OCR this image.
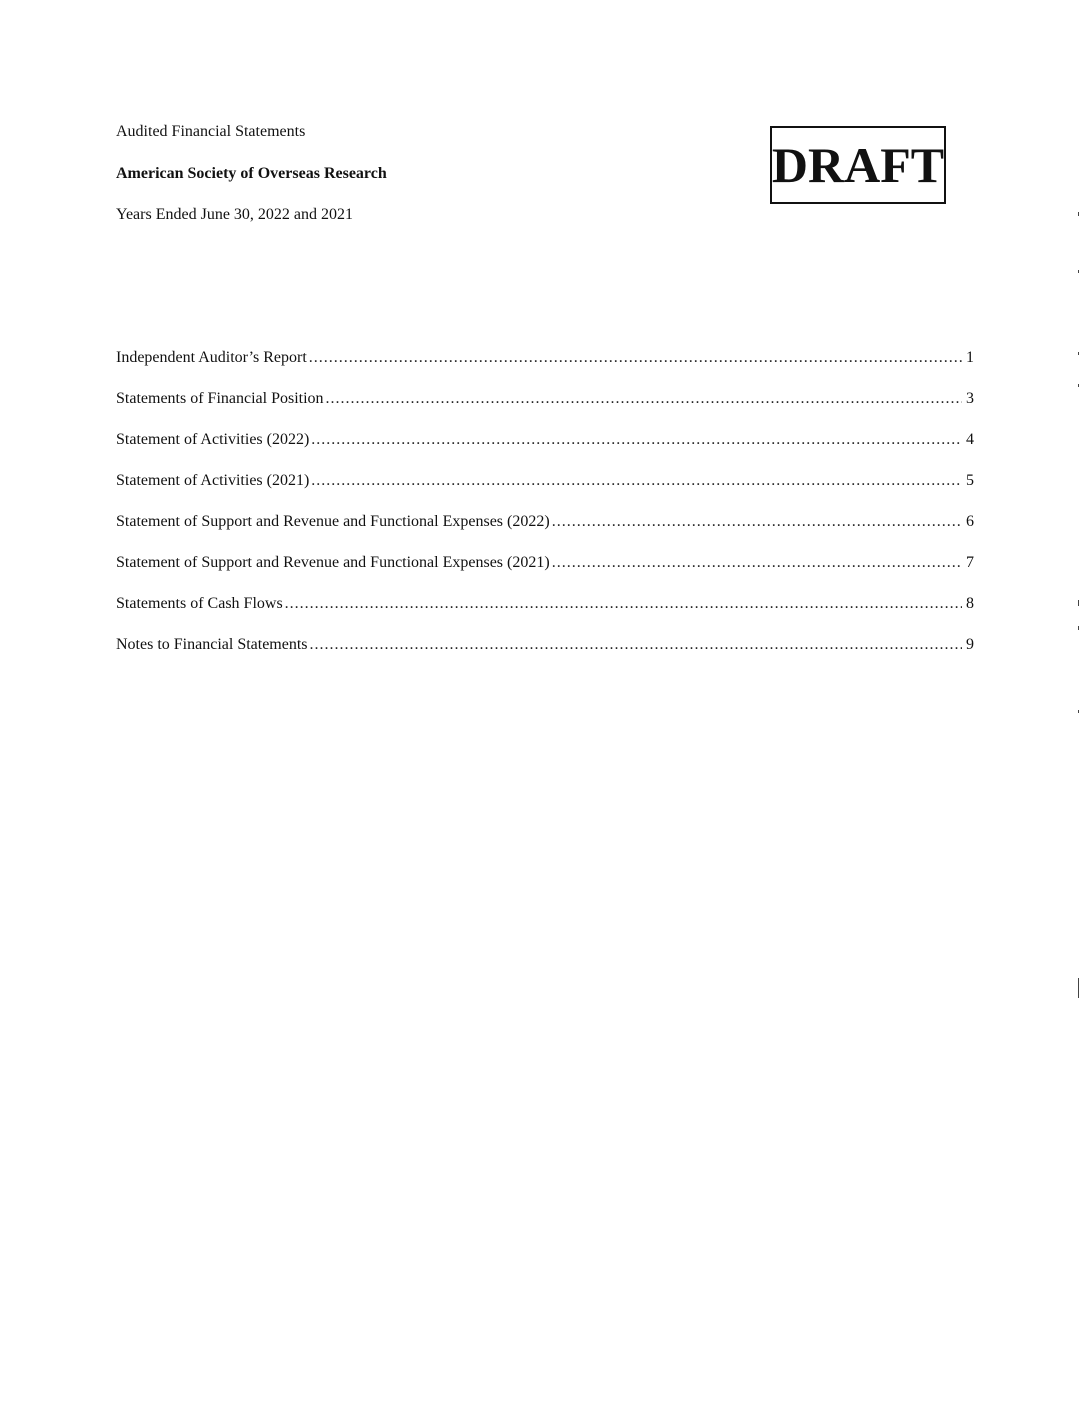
Audited Financial Statements
American Society of Overseas Research
Years Ended June 30, 2022 and 2021
DRAFT
Independent Auditor’s Report .....	1
Statements of Financial Position .....	3
Statement of Activities (2022) .....	4
Statement of Activities (2021) .....	5
Statement of Support and Revenue and Functional Expenses (2022) .....	6
Statement of Support and Revenue and Functional Expenses (2021) .....	7
Statements of Cash Flows .....	8
Notes to Financial Statements .....	9
